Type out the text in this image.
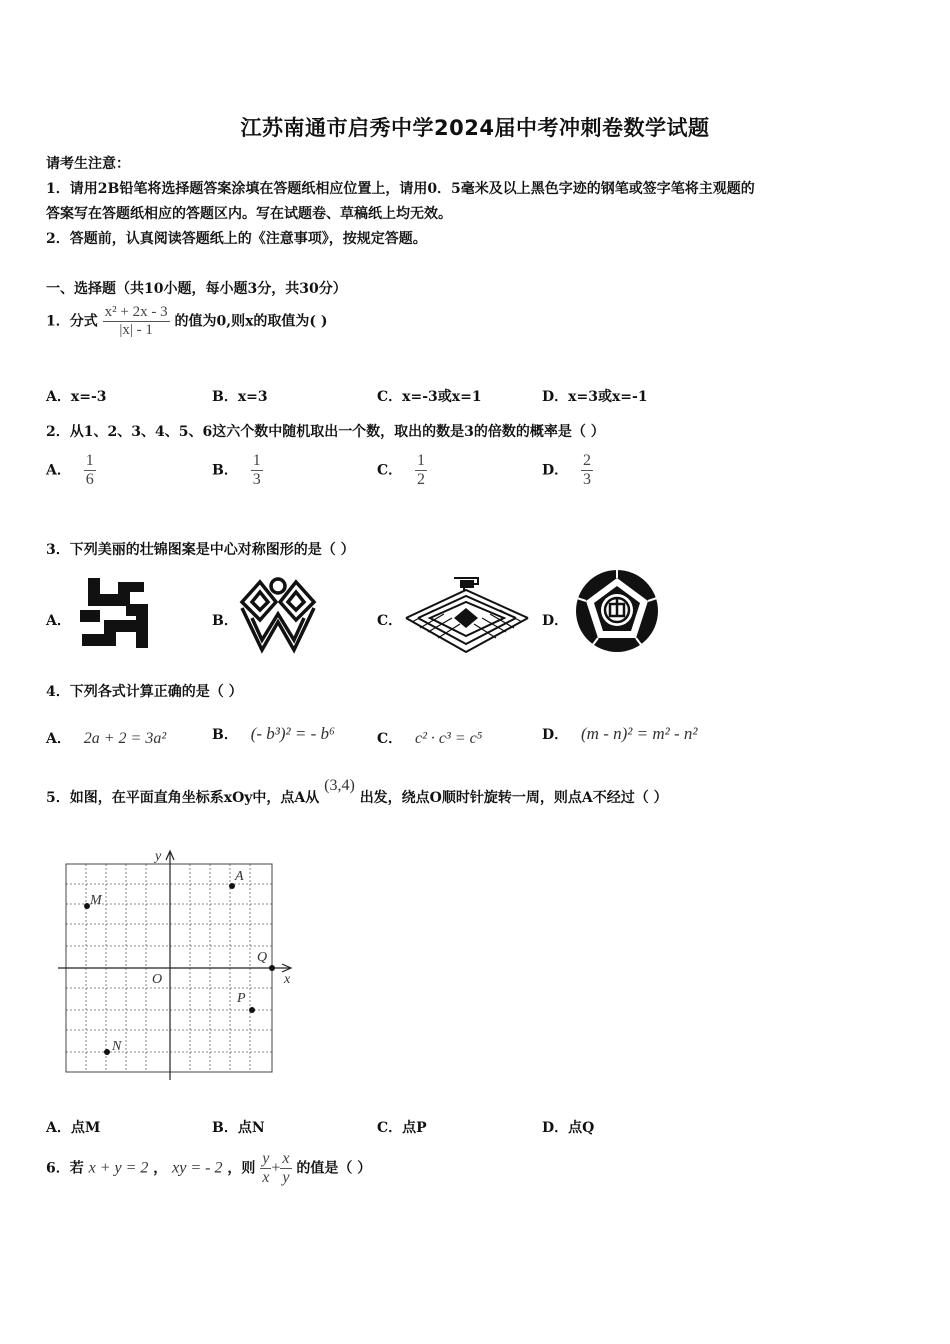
江苏南通市启秀中学2024届中考冲刺卷数学试题
请考生注意：
1．请用2B铅笔将选择题答案涂填在答题纸相应位置上，请用0．5毫米及以上黑色字迹的钢笔或签字笔将主观题的
答案写在答题纸相应的答题区内。写在试题卷、草稿纸上均无效。
2．答题前，认真阅读答题纸上的《注意事项》，按规定答题。
一、选择题（共10小题，每小题3分，共30分）
1．分式 $\frac{\text{x² + 2x - 3}}{|x| - 1}$ 的值为0,则x的取值为( )
A．x=-3	B．x=3	C．x=-3或x=1	D．x=3或x=-1
2．从1、2、3、4、5、6这六个数中随机取出一个数，取出的数是3的倍数的概率是（ ）
A． $\frac{1}{6}$	B． $\frac{1}{3}$	C． $\frac{1}{2}$	D． $\frac{2}{3}$
3．下列美丽的壮锦图案是中心对称图形的是（ ）
A．	B．	C．	D．
4．下列各式计算正确的是（ ）
A． 2a + 2 = 3a²	B． (- b³)² = - b⁶	C． c² · c³ = c⁵	D． (m - n)² = m² - n²
5．如图，在平面直角坐标系xOy中，点A从 (3,4) 出发，绕点O顺时针旋转一周，则点A不经过（ ）
y
x
O
A
M
Q
P
N
A．点M	B．点N	C．点P	D．点Q
6．若 x + y = 2 ， xy = - 2 ，则 $\frac{y}{x} + \frac{x}{y}$ 的值是（ ）
